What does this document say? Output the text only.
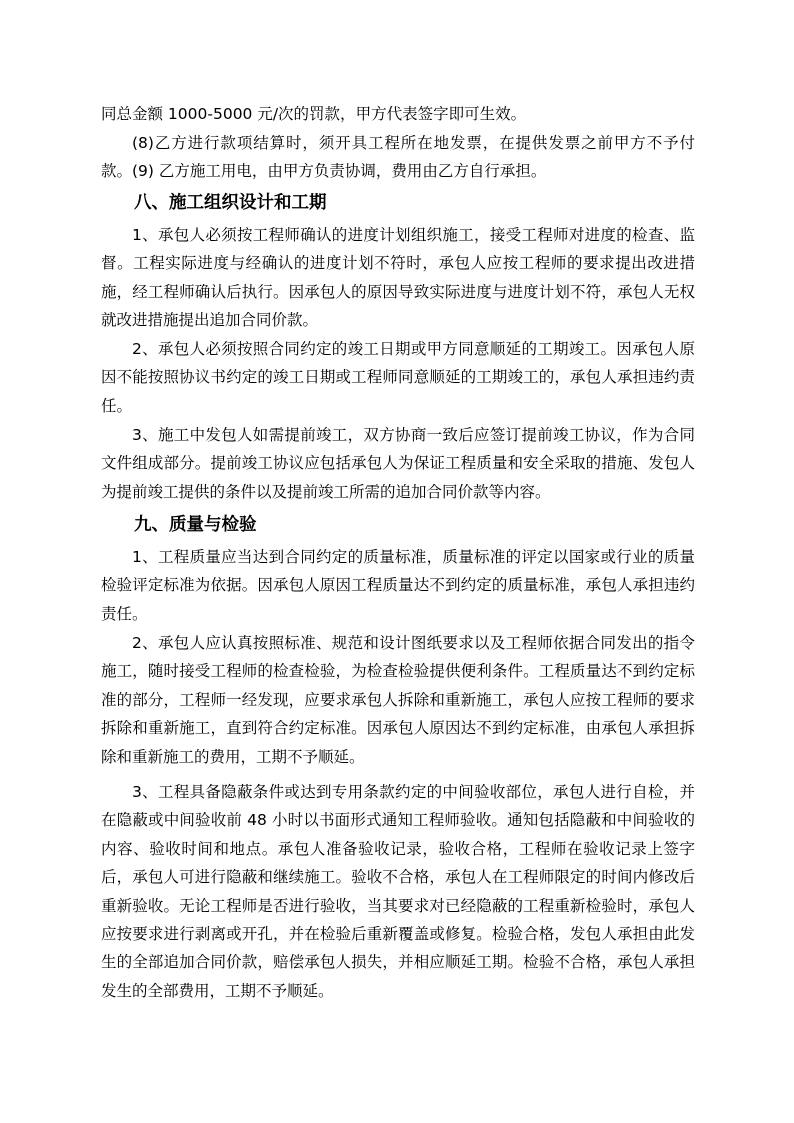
同总金额 1000-5000 元/次的罚款，甲方代表签字即可生效。

(8)乙方进行款项结算时，须开具工程所在地发票，在提供发票之前甲方不予付款。 (9) 乙方施工用电，由甲方负责协调，费用由乙方自行承担。

八、施工组织设计和工期

1、承包人必须按工程师确认的进度计划组织施工，接受工程师对进度的检查、监督。工程实际进度与经确认的进度计划不符时，承包人应按工程师的要求提出改进措施，经工程师确认后执行。因承包人的原因导致实际进度与进度计划不符，承包人无权就改进措施提出追加合同价款。

2、承包人必须按照合同约定的竣工日期或甲方同意顺延的工期竣工。因承包人原因不能按照协议书约定的竣工日期或工程师同意顺延的工期竣工的，承包人承担违约责任。

3、施工中发包人如需提前竣工，双方协商一致后应签订提前竣工协议，作为合同文件组成部分。提前竣工协议应包括承包人为保证工程质量和安全采取的措施、发包人为提前竣工提供的条件以及提前竣工所需的追加合同价款等内容。

九、质量与检验

1、工程质量应当达到合同约定的质量标准，质量标准的评定以国家或行业的质量检验评定标准为依据。因承包人原因工程质量达不到约定的质量标准，承包人承担违约责任。

2、承包人应认真按照标准、规范和设计图纸要求以及工程师依据合同发出的指令施工，随时接受工程师的检查检验，为检查检验提供便利条件。工程质量达不到约定标准的部分，工程师一经发现，应要求承包人拆除和重新施工，承包人应按工程师的要求拆除和重新施工，直到符合约定标准。因承包人原因达不到约定标准，由承包人承担拆除和重新施工的费用，工期不予顺延。

3、工程具备隐蔽条件或达到专用条款约定的中间验收部位，承包人进行自检，并在隐蔽或中间验收前 48 小时以书面形式通知工程师验收。通知包括隐蔽和中间验收的内容、验收时间和地点。承包人准备验收记录，验收合格，工程师在验收记录上签字后，承包人可进行隐蔽和继续施工。验收不合格，承包人在工程师限定的时间内修改后重新验收。无论工程师是否进行验收，当其要求对已经隐蔽的工程重新检验时，承包人应按要求进行剥离或开孔，并在检验后重新覆盖或修复。检验合格，发包人承担由此发生的全部追加合同价款，赔偿承包人损失，并相应顺延工期。检验不合格，承包人承担发生的全部费用，工期不予顺延。
